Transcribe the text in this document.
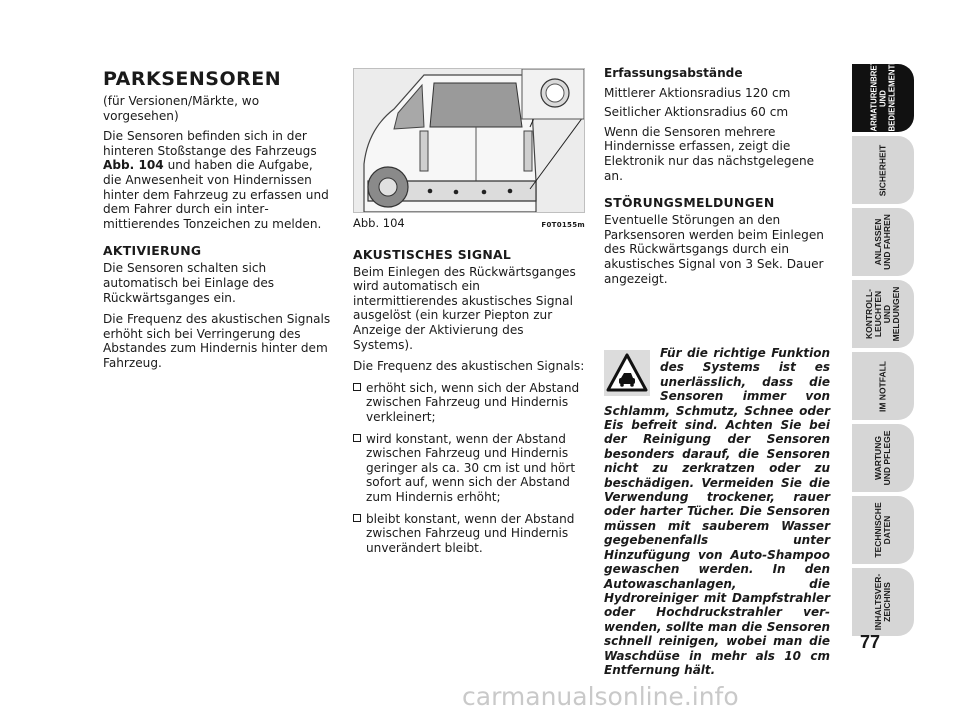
PARKSENSOREN

(für Versionen/Märkte, wo vorgesehen)

Die Sensoren befinden sich in der hinteren Stoßstange des Fahrzeugs Abb. 104 und haben die Aufgabe, die Anwesenheit von Hindernissen hinter dem Fahrzeug zu erfassen und dem Fahrer durch ein intermittierendes Tonzeichen zu melden.

AKTIVIERUNG

Die Sensoren schalten sich automatisch bei Einlage des Rückwärtsganges ein.

Die Frequenz des akustischen Signals erhöht sich bei Verringerung des Abstandes zum Hindernis hinter dem Fahrzeug.

Abb. 104	F0T0155m
AKUSTISCHES SIGNAL

Beim Einlegen des Rückwärtsganges wird automatisch ein intermittierendes akustisches Signal ausgelöst (ein kurzer Piepton zur Anzeige der Aktivierung des Systems).

Die Frequenz des akustischen Signals:

erhöht sich, wenn sich der Abstand zwischen Fahrzeug und Hindernis verkleinert;
wird konstant, wenn der Abstand zwischen Fahrzeug und Hindernis geringer als ca. 30 cm ist und hört sofort auf, wenn sich der Abstand zum Hindernis erhöht;
bleibt konstant, wenn der Abstand zwischen Fahrzeug und Hindernis unverändert bleibt.

Erfassungsabstände

Mittlerer Aktionsradius 120 cm

Seitlicher Aktionsradius 60 cm

Wenn die Sensoren mehrere Hindernisse erfassen, zeigt die Elektronik nur das nächstgelegene an.

STÖRUNGSMELDUNGEN

Eventuelle Störungen an den Parksensoren werden beim Einlegen des Rückwärtsgangs durch ein akustisches Signal von 3 Sek. Dauer angezeigt.

Für die richtige Funktion des Systems ist es unerlässlich, dass die Sensoren immer von Schlamm, Schmutz, Schnee oder Eis befreit sind. Achten Sie bei der Reinigung der Sensoren besonders darauf, die Sensoren nicht zu zerkratzen oder zu beschädigen. Vermeiden Sie die Verwendung trockener, rauer oder harter Tücher. Die Sensoren müssen mit sauberem Wasser gegebenenfalls unter Hinzufügung von Auto-Shampoo gewaschen werden. In den Autowaschanlagen, die Hydroreiniger mit Dampfstrahler oder Hochdruckstrahler verwenden, sollte man die Sensoren schnell reinigen, wobei man die Waschdüse in mehr als 10 cm Entfernung hält.
ARMATURENBRETT
UND
BEDIENELEMENTE
SICHERHEIT
ANLASSEN
UND FAHREN
KONTROLL-
LEUCHTEN UND
MELDUNGEN
IM NOTFALL
WARTUNG
UND PFLEGE
TECHNISCHE
DATEN
INHALTSVER-
ZEICHNIS
77
carmanualsonline.info
